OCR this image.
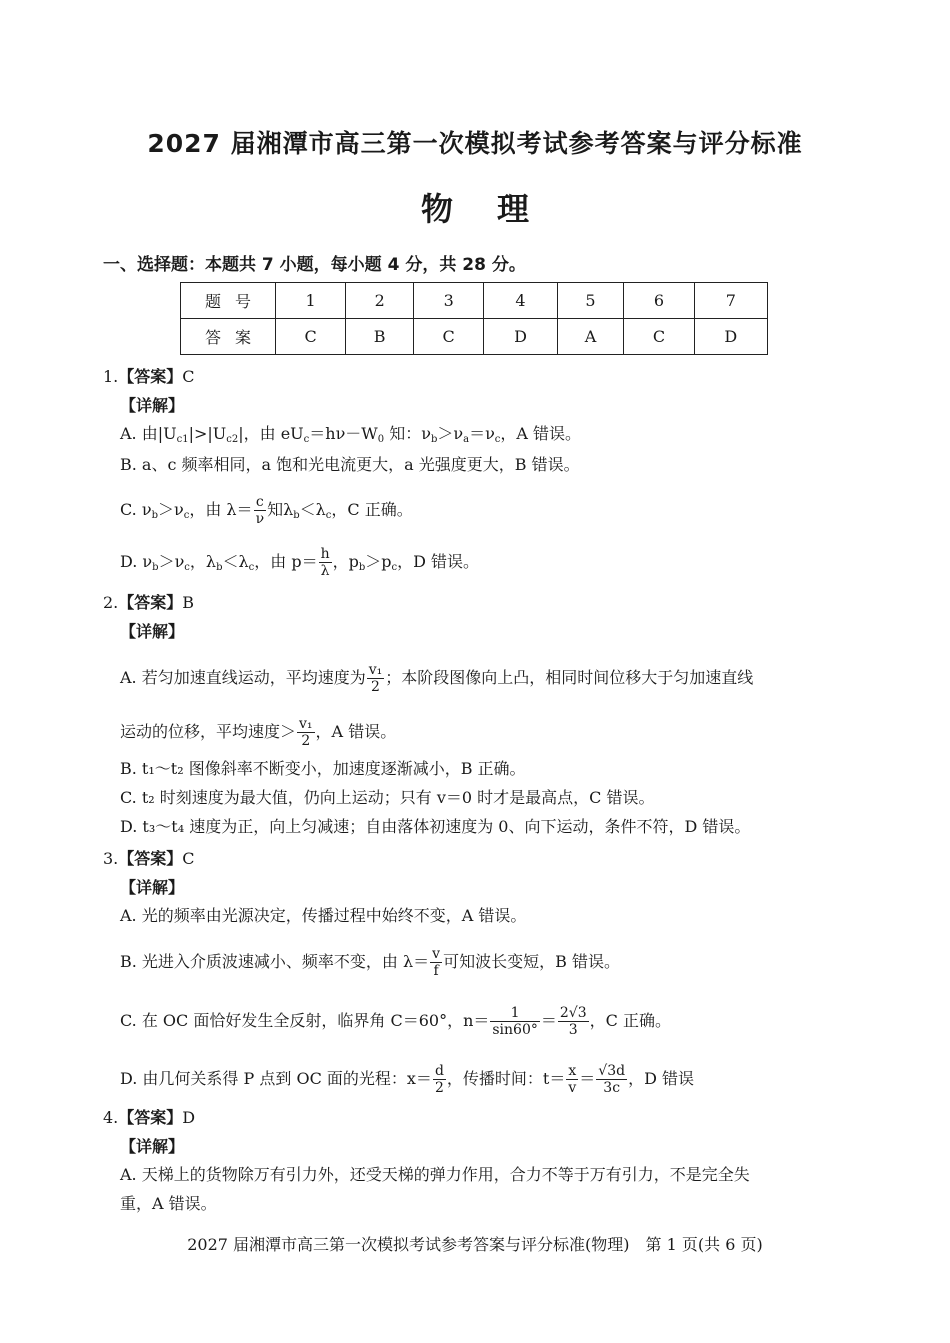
2027 届湘潭市高三第一次模拟考试参考答案与评分标准
物 理
一、选择题：本题共 7 小题，每小题 4 分，共 28 分。
题号	1	2	3	4	5	6	7
答案	C	B	C	D	A	C	D
1.【答案】C
【详解】
A. 由$|U_{c1}|>|U_{c2}|$，由 $eU_c=h\nu-W_0$ 知：$\nu_b>\nu_a=\nu_c$，A 错误。
B. a、c 频率相同，a 饱和光电流更大，a 光强度更大，B 错误。
C. $\nu_b>\nu_c$，由 $\lambda= \frac{c}{\nu}$ 知$\lambda_b<\lambda_c$，C 正确。
D. $\nu_b>\nu_c$，$\lambda_b<\lambda_c$，由 $p= \frac{h}{\lambda}$ ，$p_b>p_c$，D 错误。
2.【答案】B
【详解】
A. 若匀加速直线运动，平均速度为 $\frac{\text{v₁}}{2}$ ；本阶段图像向上凸，相同时间位移大于匀加速直线
运动的位移，平均速度＞ $\frac{\text{v₁}}{2}$ ，A 错误。
B. t₁～t₂ 图像斜率不断变小，加速度逐渐减小，B 正确。
C. t₂ 时刻速度为最大值，仍向上运动；只有 v＝0 时才是最高点，C 错误。
D. t₃～t₄ 速度为正，向上匀减速；自由落体初速度为 0、向下运动，条件不符，D 错误。
3.【答案】C
【详解】
A. 光的频率由光源决定，传播过程中始终不变，A 错误。
B. 光进入介质波速减小、频率不变，由 $\lambda= \frac{v}{f}$ 可知波长变短，B 错误。
C. 在 OC 面恰好发生全反射，临界角 C＝60°，$n= \frac{1}{\sin 60^\circ} = \frac{2√3}{3}$ ，C 正确。
D. 由几何关系得 P 点到 OC 面的光程：$x= \frac{d}{2}$ ，传播时间：$t= \frac{x}{v} = \frac{√3d}{3c}$ ，D 错误
4.【答案】D
【详解】
A. 天梯上的货物除万有引力外，还受天梯的弹力作用，合力不等于万有引力，不是完全失
重，A 错误。
2027 届湘潭市高三第一次模拟考试参考答案与评分标准(物理)　第 1 页(共 6 页)
